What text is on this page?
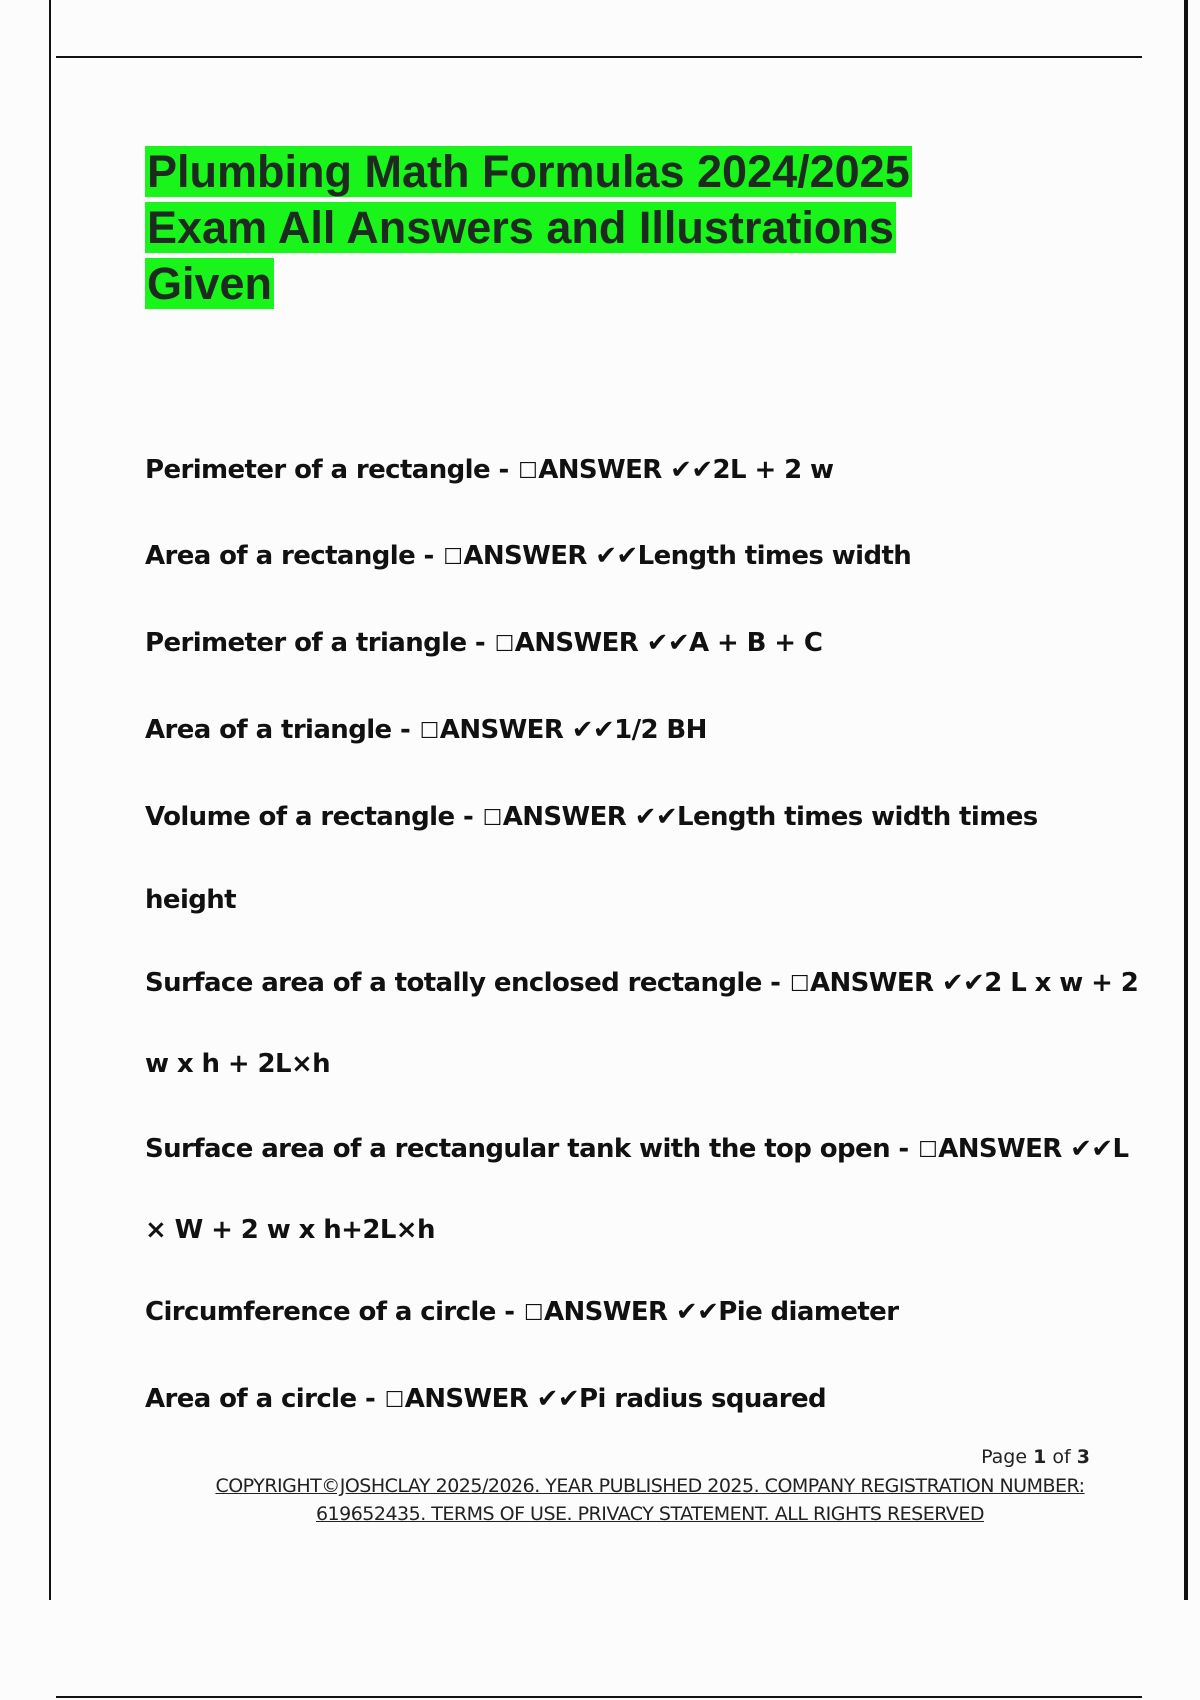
Plumbing Math Formulas 2024/2025
Exam All Answers and Illustrations
Given
Perimeter of a rectangle - ☐ANSWER ✔✔2L + 2 w
Area of a rectangle - ☐ANSWER ✔✔Length times width
Perimeter of a triangle - ☐ANSWER ✔✔A + B + C
Area of a triangle - ☐ANSWER ✔✔1/2 BH
Volume of a rectangle - ☐ANSWER ✔✔Length times width times
height
Surface area of a totally enclosed rectangle - ☐ANSWER ✔✔2 L x w + 2
w x h + 2L×h
Surface area of a rectangular tank with the top open - ☐ANSWER ✔✔L
× W + 2 w x h+2L×h
Circumference of a circle - ☐ANSWER ✔✔Pie diameter
Area of a circle - ☐ANSWER ✔✔Pi radius squared
Page 1 of 3
COPYRIGHT©JOSHCLAY 2025/2026. YEAR PUBLISHED 2025. COMPANY REGISTRATION NUMBER:
619652435. TERMS OF USE. PRIVACY STATEMENT. ALL RIGHTS RESERVED
